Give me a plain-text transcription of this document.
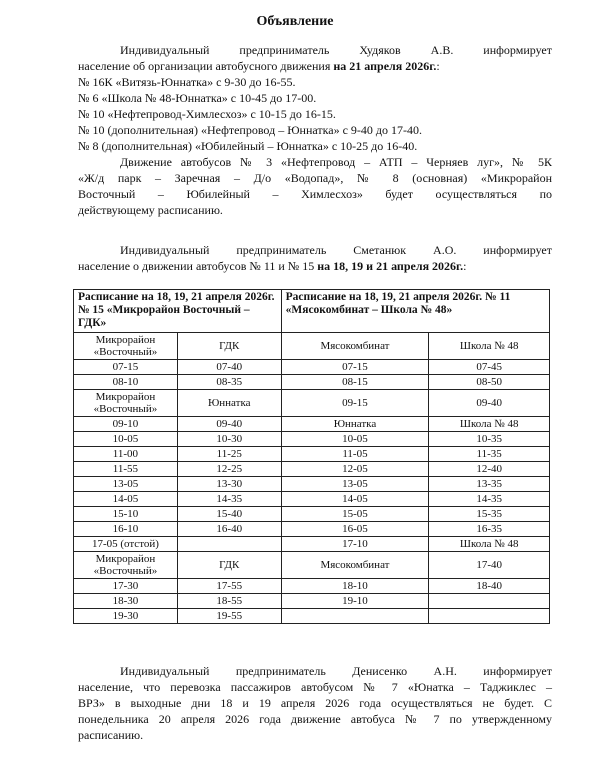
Объявление
Индивидуальный предприниматель Худяков А.В. информирует
население об организации автобусного движения на 21 апреля 2026г.:
№ 16К «Витязь-Юннатка» с 9-30 до 16-55.
№ 6 «Школа № 48-Юннатка» с 10-45 до 17-00.
№ 10 «Нефтепровод-Химлесхоз» с 10-15 до 16-15.
№ 10 (дополнительная) «Нефтепровод – Юннатка» с 9-40 до 17-40.
№ 8 (дополнительная) «Юбилейный – Юннатка» с 10-25 до 16-40.
Движение автобусов № 3 «Нефтепровод – АТП – Черняев луг», № 5К
«Ж/д парк – Заречная – Д/о «Водопад», № 8 (основная) «Микрорайон
Восточный – Юбилейный – Химлесхоз» будет осуществляться по
действующему расписанию.
Индивидуальный предприниматель Сметанюк А.О. информирует
население о движении автобусов № 11 и № 15 на 18, 19 и 21 апреля 2026г.:
Расписание на 18, 19, 21 апреля 2026г. № 15 «Микрорайон Восточный – ГДК»		Расписание на 18, 19, 21 апреля 2026г. № 11 «Мясокомбинат – Школа № 48»	
Микрорайон «Восточный»	ГДК	Мясокомбинат	Школа № 48
07-15	07-40	07-15	07-45
08-10	08-35	08-15	08-50
Микрорайон «Восточный»	Юннатка	09-15	09-40
09-10	09-40	Юннатка	Школа № 48
10-05	10-30	10-05	10-35
11-00	11-25	11-05	11-35
11-55	12-25	12-05	12-40
13-05	13-30	13-05	13-35
14-05	14-35	14-05	14-35
15-10	15-40	15-05	15-35
16-10	16-40	16-05	16-35
17-05 (отстой)		17-10	Школа № 48
Микрорайон «Восточный»	ГДК	Мясокомбинат	17-40
17-30	17-55	18-10	18-40
18-30	18-55	19-10	
19-30	19-55		
Индивидуальный предприниматель Денисенко А.Н. информирует
население, что перевозка пассажиров автобусом № 7 «Юнатка – Таджиклес –
ВРЗ» в выходные дни 18 и 19 апреля 2026 года осуществляться не будет. С
понедельника 20 апреля 2026 года движение автобуса № 7 по утвержденному
расписанию.
